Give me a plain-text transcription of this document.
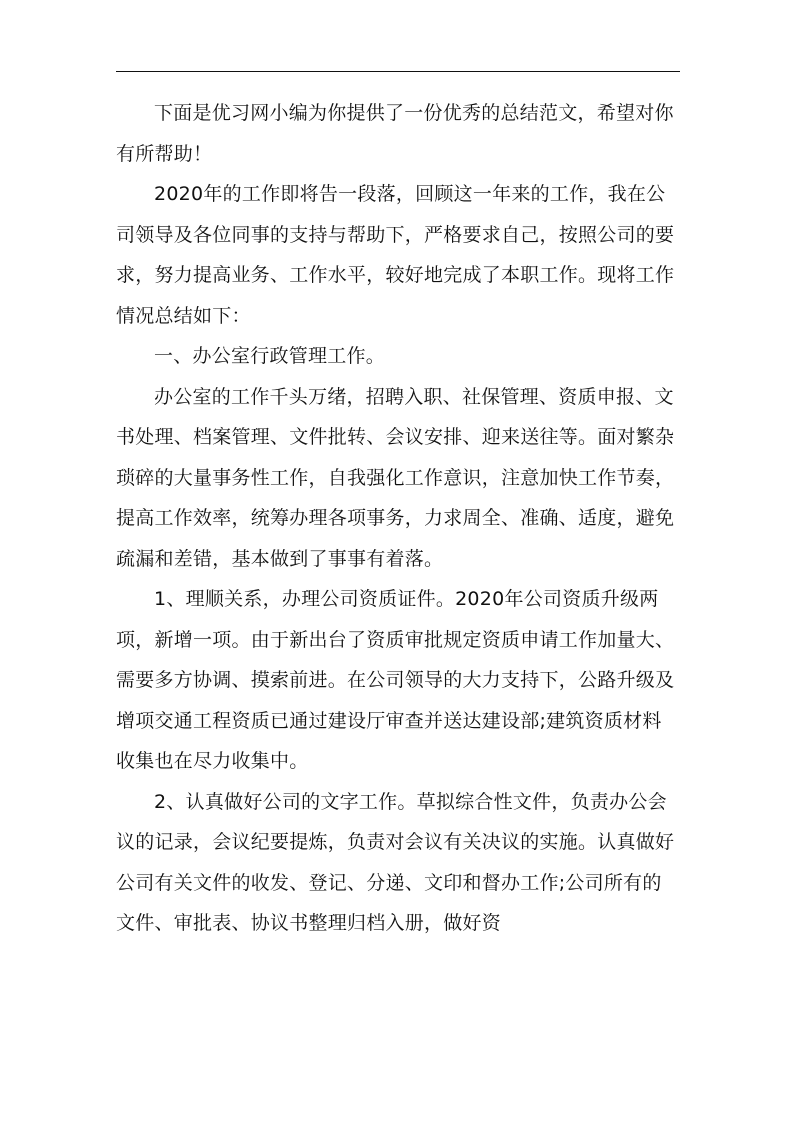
下面是优习网小编为你提供了一份优秀的总结范文，希望对你有所帮助！

2020年的工作即将告一段落，回顾这一年来的工作，我在公司领导及各位同事的支持与帮助下，严格要求自己，按照公司的要求，努力提高业务、工作水平，较好地完成了本职工作。现将工作情况总结如下：

一、办公室行政管理工作。

办公室的工作千头万绪，招聘入职、社保管理、资质申报、文书处理、档案管理、文件批转、会议安排、迎来送往等。面对繁杂琐碎的大量事务性工作，自我强化工作意识，注意加快工作节奏，提高工作效率，统筹办理各项事务，力求周全、准确、适度，避免疏漏和差错，基本做到了事事有着落。

1、理顺关系，办理公司资质证件。2020年公司资质升级两项，新增一项。由于新出台了资质审批规定资质申请工作加量大、需要多方协调、摸索前进。在公司领导的大力支持下，公路升级及增项交通工程资质已通过建设厅审查并送达建设部;建筑资质材料收集也在尽力收集中。

2、认真做好公司的文字工作。草拟综合性文件，负责办公会议的记录，会议纪要提炼，负责对会议有关决议的实施。认真做好公司有关文件的收发、登记、分递、文印和督办工作;公司所有的文件、审批表、协议书整理归档入册，做好资
